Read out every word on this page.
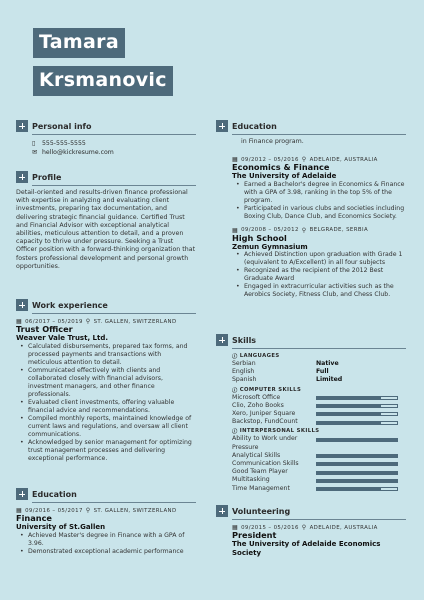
Tamara
Krsmanovic
Personal info
▯ 555-555-5555
✉ hello@kickresume.com
Profile
Detail-oriented and results-driven finance professional with expertise in analyzing and evaluating client investments, preparing tax documentation, and delivering strategic financial guidance. Certified Trust and Financial Advisor with exceptional analytical abilities, meticulous attention to detail, and a proven capacity to thrive under pressure. Seeking a Trust Officer position with a forward-thinking organization that fosters professional development and personal growth opportunities.
Work experience
▦ 06/2017 – 05/2019 ⚲ ST. GALLEN, SWITZERLAND
Trust Officer
Weaver Vale Trust, Ltd.
• Calculated disbursements, prepared tax forms, and processed payments and transactions with meticulous attention to detail.
• Communicated effectively with clients and collaborated closely with financial advisors, investment managers, and other finance professionals.
• Evaluated client investments, offering valuable financial advice and recommendations.
• Compiled monthly reports, maintained knowledge of current laws and regulations, and oversaw all client communications.
• Acknowledged by senior management for optimizing trust management processes and delivering exceptional performance.
Education
▦ 09/2016 – 05/2017 ⚲ ST. GALLEN, SWITZERLAND
Finance
University of St.Gallen
• Achieved Master's degree in Finance with a GPA of 3.96.
• Demonstrated exceptional academic performance
Education
in Finance program.
▦ 09/2012 – 05/2016 ⚲ ADELAIDE, AUSTRALIA
Economics & Finance
The University of Adelaide
• Earned a Bachelor's degree in Economics & Finance with a GPA of 3.98, ranking in the top 5% of the program.
• Participated in various clubs and societies including Boxing Club, Dance Club, and Economics Society.
▦ 09/2008 – 05/2012 ⚲ BELGRADE, SERBIA
High School
Zemun Gymnasium
• Achieved Distinction upon graduation with Grade 1 (equivalent to A/Excellent) in all four subjects
• Recognized as the recipient of the 2012 Best Graduate Award
• Engaged in extracurricular activities such as the Aerobics Society, Fitness Club, and Chess Club.
Skills
ⓘ LANGUAGES
Serbian	Native
English	Full
Spanish	Limited
ⓘ COMPUTER SKILLS
Microsoft Office
Clio, Zoho Books
Xero, Juniper Square
Backstop, FundCount
ⓘ INTERPERSONAL SKILLS
Ability to Work under Pressure
Analytical Skills
Communication Skills
Good Team Player
Multitasking
Time Management
Volunteering
▦ 09/2015 – 05/2016 ⚲ ADELAIDE, AUSTRALIA
President
The University of Adelaide Economics Society
